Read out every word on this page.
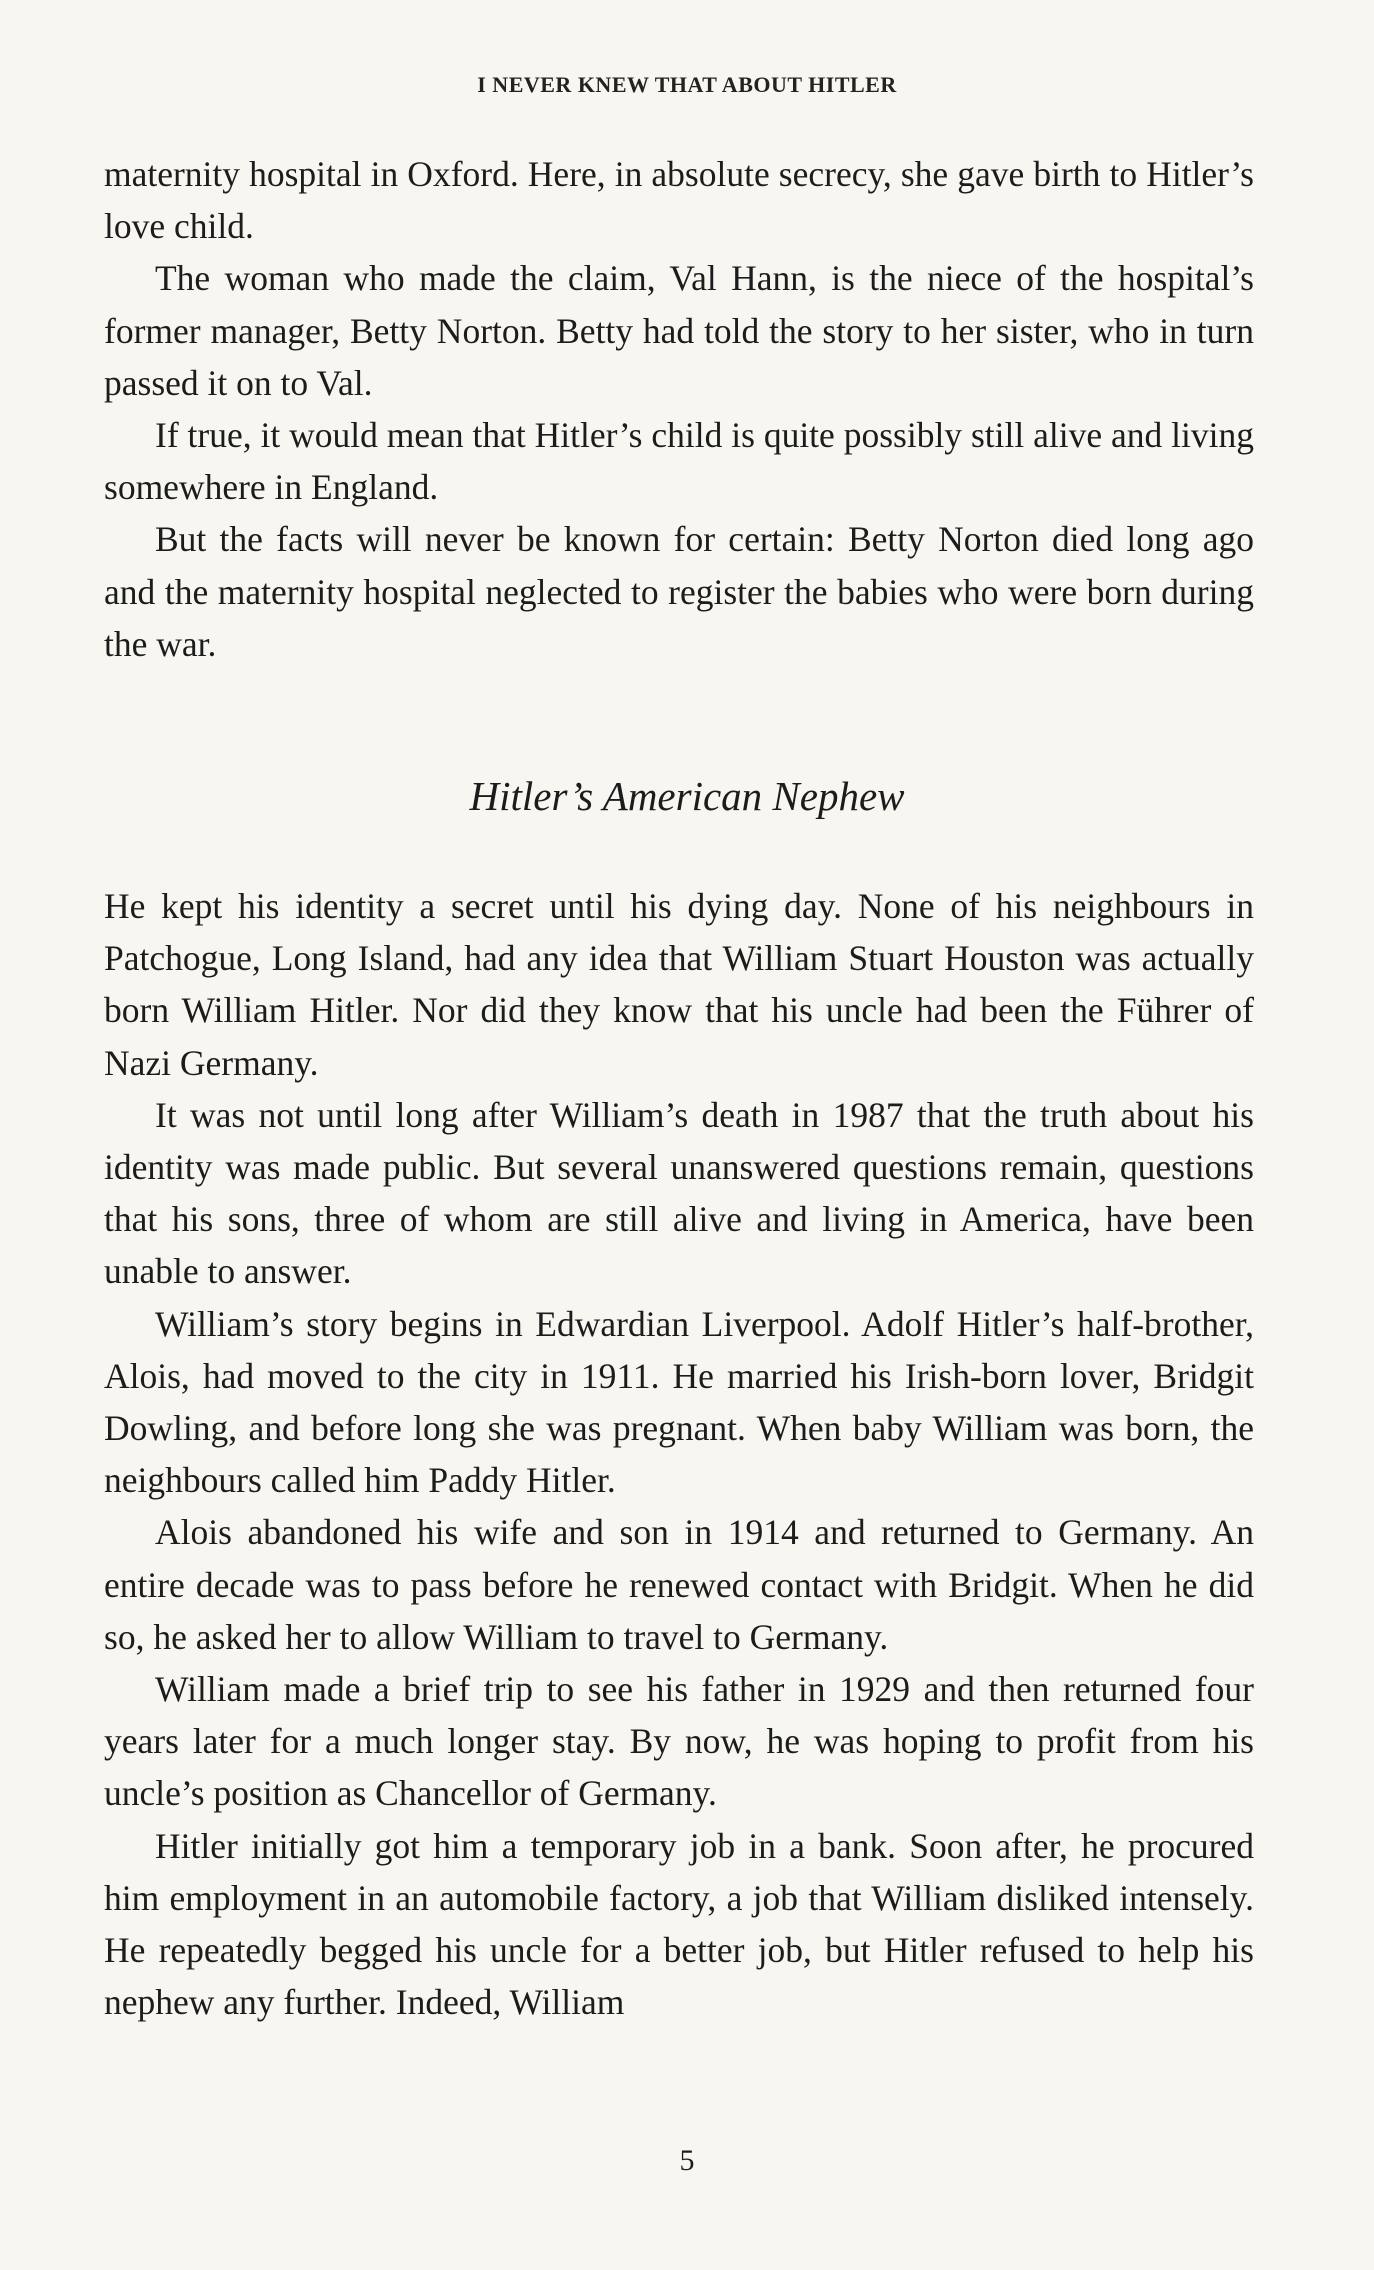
I NEVER KNEW THAT ABOUT HITLER

maternity hospital in Oxford. Here, in absolute secrecy, she gave birth to Hitler’s love child.

The woman who made the claim, Val Hann, is the niece of the hospital’s former manager, Betty Norton. Betty had told the story to her sister, who in turn passed it on to Val.

If true, it would mean that Hitler’s child is quite possibly still alive and living somewhere in England.

But the facts will never be known for certain: Betty Norton died long ago and the maternity hospital neglected to register the babies who were born during the war.

Hitler’s American Nephew

He kept his identity a secret until his dying day. None of his neighbours in Patchogue, Long Island, had any idea that William Stuart Houston was actually born William Hitler. Nor did they know that his uncle had been the Führer of Nazi Germany.

It was not until long after William’s death in 1987 that the truth about his identity was made public. But several unanswered questions remain, questions that his sons, three of whom are still alive and living in America, have been unable to answer.

William’s story begins in Edwardian Liverpool. Adolf Hitler’s half-brother, Alois, had moved to the city in 1911. He married his Irish-born lover, Bridgit Dowling, and before long she was pregnant. When baby William was born, the neighbours called him Paddy Hitler.

Alois abandoned his wife and son in 1914 and returned to Germany. An entire decade was to pass before he renewed contact with Bridgit. When he did so, he asked her to allow William to travel to Germany.

William made a brief trip to see his father in 1929 and then returned four years later for a much longer stay. By now, he was hoping to profit from his uncle’s position as Chancellor of Germany.

Hitler initially got him a temporary job in a bank. Soon after, he procured him employment in an automobile factory, a job that William disliked intensely. He repeatedly begged his uncle for a better job, but Hitler refused to help his nephew any further. Indeed, William

5
